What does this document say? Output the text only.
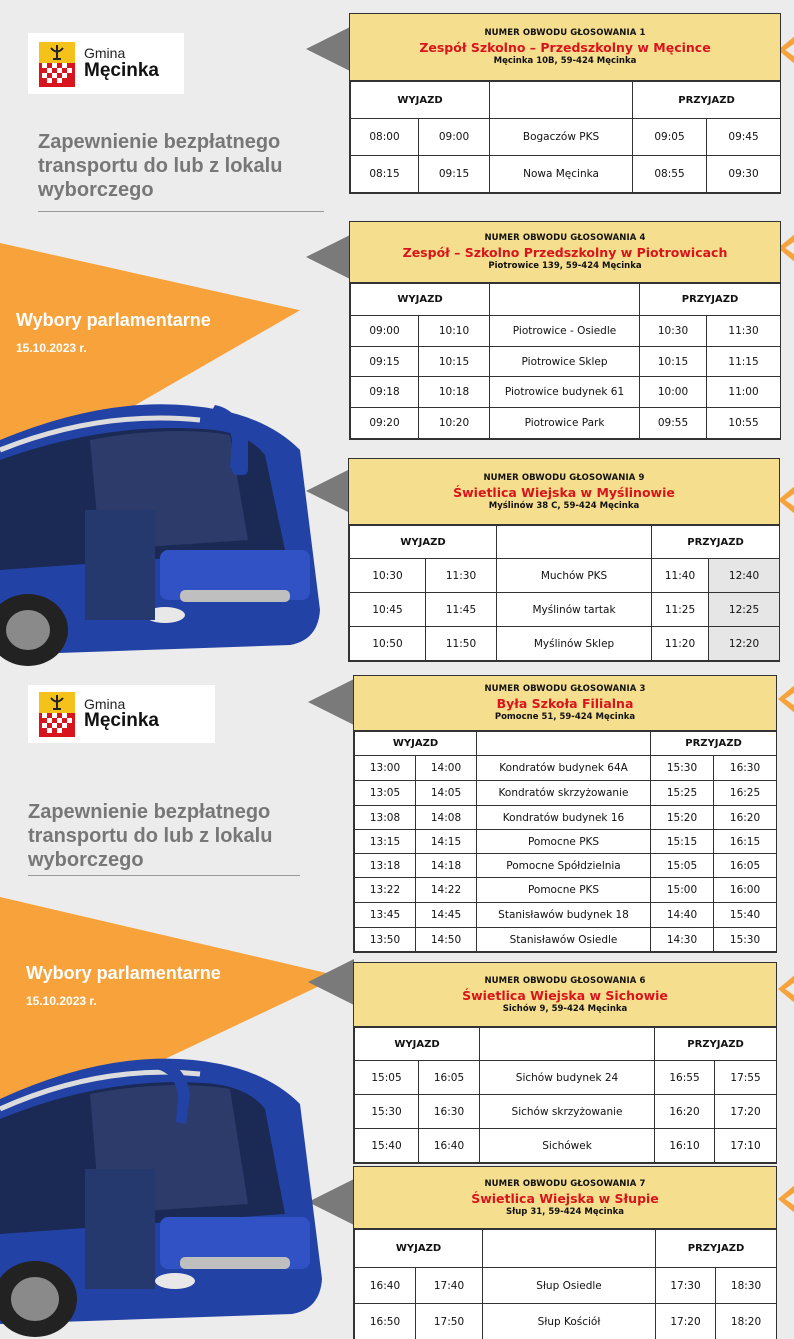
Gmina
Męcinka
Zapewnienie bezpłatnego transportu do lub z lokalu wyborczego
Wybory parlamentarne
15.10.2023 r.
Gmina
Męcinka
Zapewnienie bezpłatnego transportu do lub z lokalu wyborczego
Wybory parlamentarne
15.10.2023 r.
NUMER OBWODU GŁOSOWANIA 1
Zespół Szkolno – Przedszkolny w Męcince
Męcinka 10B, 59-424 Męcinka
WYJAZD			PRZYJAZD	
08:00	09:00	Bogaczów PKS	09:05	09:45
08:15	09:15	Nowa Męcinka	08:55	09:30
NUMER OBWODU GŁOSOWANIA 4
Zespół – Szkolno Przedszkolny w Piotrowicach
Piotrowice 139, 59-424 Męcinka
WYJAZD			PRZYJAZD	
09:00	10:10	Piotrowice - Osiedle	10:30	11:30
09:15	10:15	Piotrowice Sklep	10:15	11:15
09:18	10:18	Piotrowice budynek 61	10:00	11:00
09:20	10:20	Piotrowice Park	09:55	10:55
NUMER OBWODU GŁOSOWANIA 9
Świetlica Wiejska w Myślinowie
Myślinów 38 C, 59-424 Męcinka
WYJAZD			PRZYJAZD	
10:30	11:30	Muchów PKS	11:40	12:40
10:45	11:45	Myślinów tartak	11:25	12:25
10:50	11:50	Myślinów Sklep	11:20	12:20
NUMER OBWODU GŁOSOWANIA 3
Była Szkoła Filialna
Pomocne 51, 59-424 Męcinka
WYJAZD			PRZYJAZD	
13:00	14:00	Kondratów budynek 64A	15:30	16:30
13:05	14:05	Kondratów skrzyżowanie	15:25	16:25
13:08	14:08	Kondratów budynek 16	15:20	16:20
13:15	14:15	Pomocne PKS	15:15	16:15
13:18	14:18	Pomocne Spółdzielnia	15:05	16:05
13:22	14:22	Pomocne PKS	15:00	16:00
13:45	14:45	Stanisławów budynek 18	14:40	15:40
13:50	14:50	Stanisławów Osiedle	14:30	15:30
NUMER OBWODU GŁOSOWANIA 6
Świetlica Wiejska w Sichowie
Sichów 9, 59-424 Męcinka
WYJAZD			PRZYJAZD	
15:05	16:05	Sichów budynek 24	16:55	17:55
15:30	16:30	Sichów skrzyżowanie	16:20	17:20
15:40	16:40	Sichówek	16:10	17:10
NUMER OBWODU GŁOSOWANIA 7
Świetlica Wiejska w Słupie
Słup 31, 59-424 Męcinka
WYJAZD			PRZYJAZD	
16:40	17:40	Słup Osiedle	17:30	18:30
16:50	17:50	Słup Kościół	17:20	18:20
